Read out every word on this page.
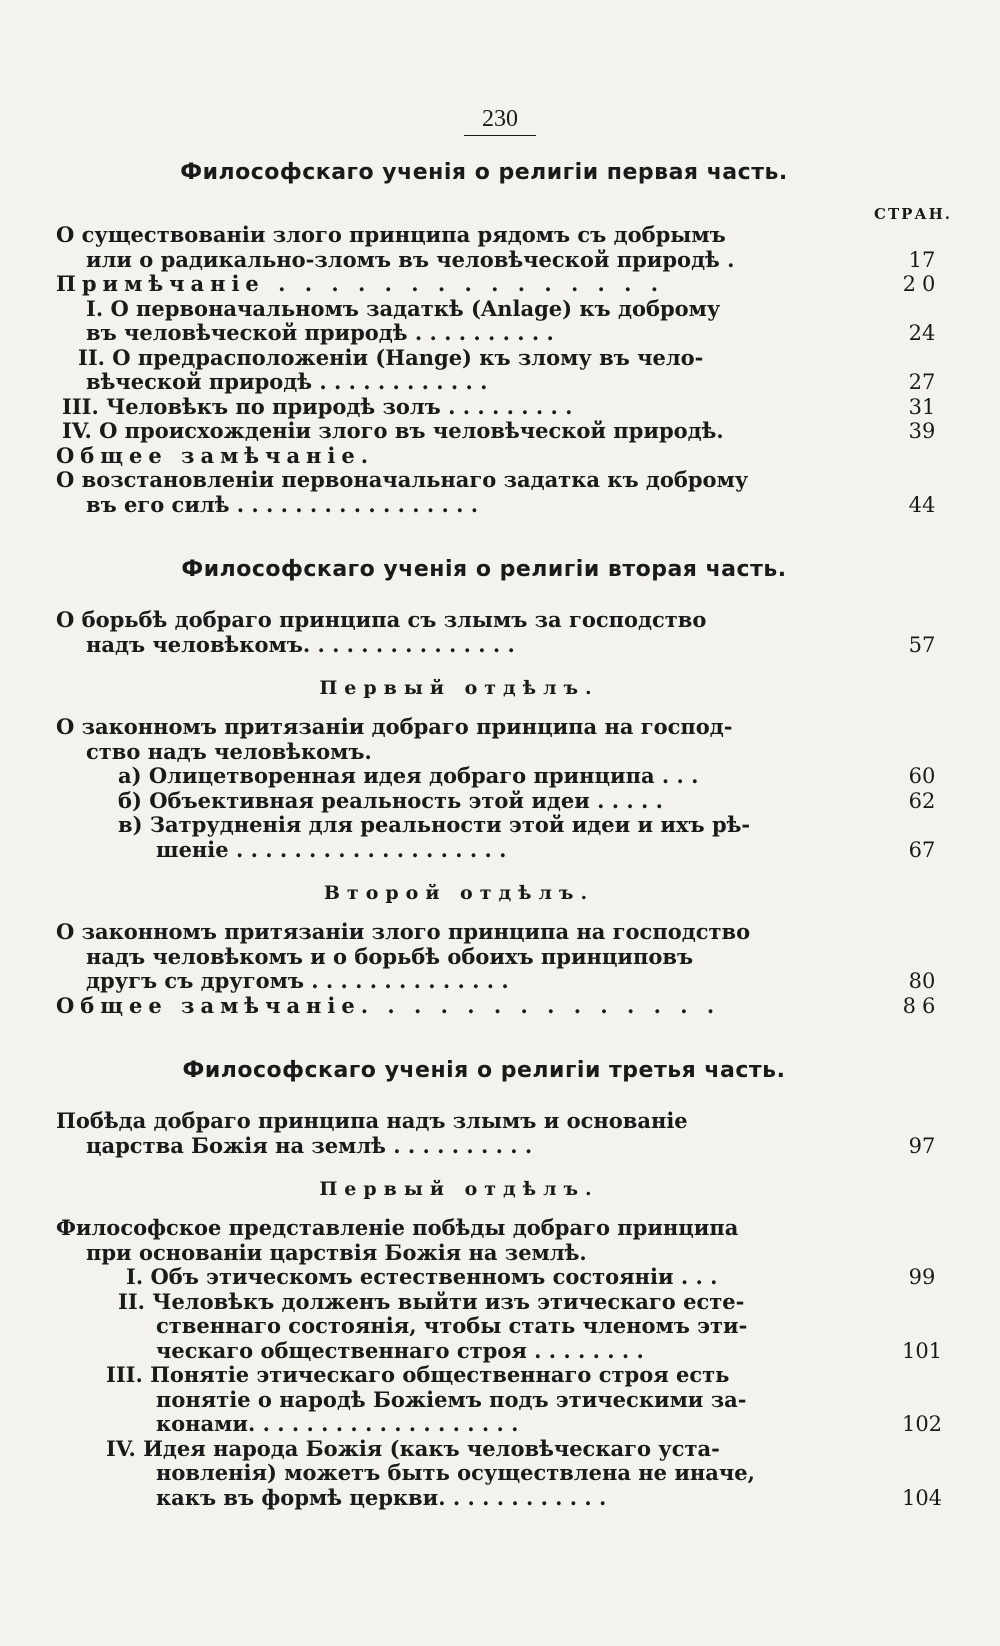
230
Философскаго ученія о религіи первая часть.
СТРАН.
О существованіи злого принципа рядомъ съ добрымъ
или о радикально-зломъ въ человѣческой природѣ .	17
Примѣчаніе . . . . . . . . . . . . . . .	20
I. О первоначальномъ задаткѣ (Anlage) къ доброму
въ человѣческой природѣ . . . . . . . . . .	24
II. О предрасположеніи (Hange) къ злому въ чело-
вѣческой природѣ . . . . . . . . . . . .	27
III. Человѣкъ по природѣ золъ . . . . . . . . .	31
IV. О происхожденіи злого въ человѣческой природѣ.	39
Общее замѣчаніе.
О возстановленіи первоначальнаго задатка къ доброму
въ его силѣ . . . . . . . . . . . . . . . . .	44
Философскаго ученія о религіи вторая часть.
О борьбѣ добраго принципа съ злымъ за господство
надъ человѣкомъ. . . . . . . . . . . . . . .	57
Первый отдѣлъ.
О законномъ притязаніи добраго принципа на господ-
ство надъ человѣкомъ.
а) Олицетворенная идея добраго принципа . . .	60
б) Объективная реальность этой идеи . . . . .	62
в) Затрудненія для реальности этой идеи и ихъ рѣ-
шеніе . . . . . . . . . . . . . . . . . . .	67
Второй отдѣлъ.
О законномъ притязаніи злого принципа на господство
надъ человѣкомъ и о борьбѣ обоихъ принциповъ
другъ съ другомъ . . . . . . . . . . . . . .	80
Общее замѣчаніе. . . . . . . . . . . . . .	86
Философскаго ученія о религіи третья часть.
Побѣда добраго принципа надъ злымъ и основаніе
царства Божія на землѣ . . . . . . . . . .	97
Первый отдѣлъ.
Философское представленіе побѣды добраго принципа
при основаніи царствія Божія на землѣ.
I. Объ этическомъ естественномъ состояніи . . .	99
II. Человѣкъ долженъ выйти изъ этическаго есте-
ственнаго состоянія, чтобы стать членомъ эти-
ческаго общественнаго строя . . . . . . . .	101
III. Понятіе этическаго общественнаго строя есть
понятіе о народѣ Божіемъ подъ этическими за-
конами. . . . . . . . . . . . . . . . . . .	102
IV. Идея народа Божія (какъ человѣческаго уста-
новленія) можетъ быть осуществлена не иначе,
какъ въ формѣ церкви. . . . . . . . . . . .	104
